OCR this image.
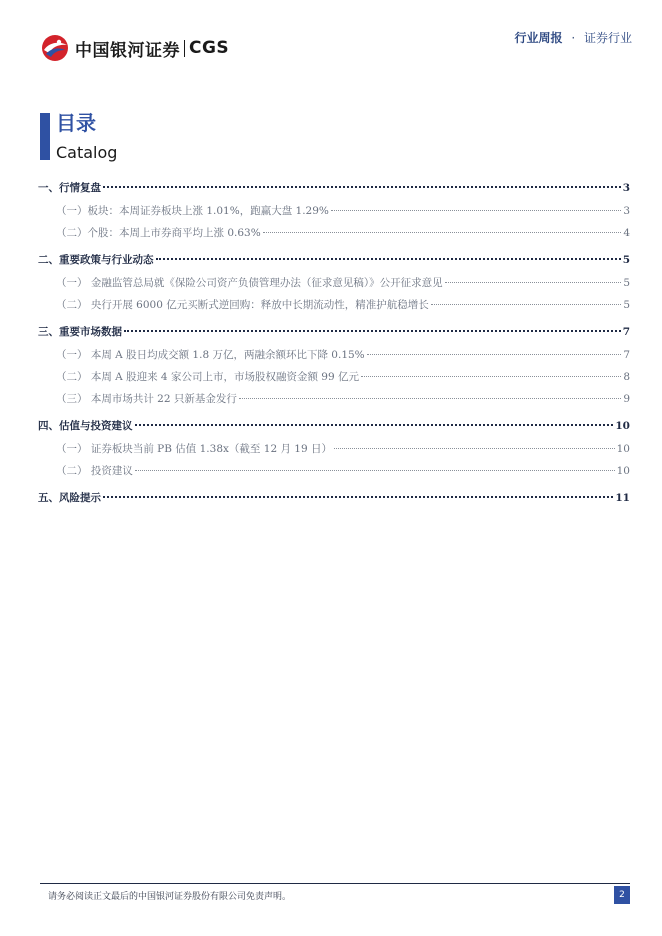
中国银河证券 CGS	行业周报 · 证券行业
目录
Catalog
一、行情复盘	3
（一）板块：本周证券板块上涨 1.01%，跑赢大盘 1.29%	3
（二）个股：本周上市券商平均上涨 0.63%	4
二、重要政策与行业动态	5
（一） 金融监管总局就《保险公司资产负债管理办法（征求意见稿）》公开征求意见	5
（二） 央行开展 6000 亿元买断式逆回购：释放中长期流动性，精准护航稳增长	5
三、重要市场数据	7
（一） 本周 A 股日均成交额 1.8 万亿，两融余额环比下降 0.15%	7
（二） 本周 A 股迎来 4 家公司上市，市场股权融资金额 99 亿元	8
（三） 本周市场共计 22 只新基金发行	9
四、估值与投资建议	10
（一） 证券板块当前 PB 估值 1.38x（截至 12 月 19 日）	10
（二） 投资建议	10
五、风险提示	11
请务必阅读正文最后的中国银河证券股份有限公司免责声明。	2
